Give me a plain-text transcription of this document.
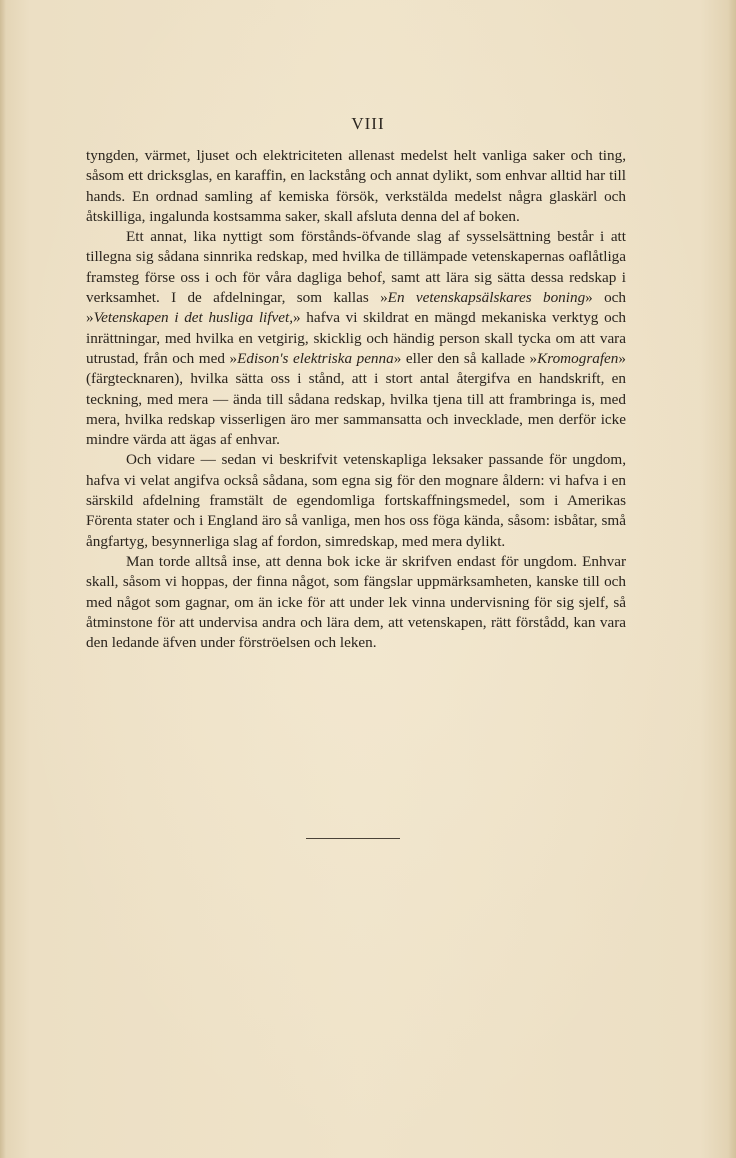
VIII

tyngden, värmet, ljuset och elektriciteten allenast medelst helt vanliga saker och ting, såsom ett dricksglas, en karaffin, en lackstång och annat dylikt, som enhvar alltid har till hands. En ordnad samling af kemiska försök, verkstälda medelst några glaskärl och åtskilliga, ingalunda kostsamma saker, skall afsluta denna del af boken.

Ett annat, lika nyttigt som förstånds-öfvande slag af sysselsättning består i att tillegna sig sådana sinnrika redskap, med hvilka de tillämpade vetenskapernas oaflåtliga framsteg förse oss i och för våra dagliga behof, samt att lära sig sätta dessa redskap i verksamhet. I de afdelningar, som kallas »En vetenskapsälskares boning» och »Vetenskapen i det husliga lifvet,» hafva vi skildrat en mängd mekaniska verktyg och inrättningar, med hvilka en vetgirig, skicklig och händig person skall tycka om att vara utrustad, från och med »Edison's elektriska penna» eller den så kallade »Kromografen» (färgtecknaren), hvilka sätta oss i stånd, att i stort antal återgifva en handskrift, en teckning, med mera — ända till sådana redskap, hvilka tjena till att frambringa is, med mera, hvilka redskap visserligen äro mer sammansatta och invecklade, men derför icke mindre värda att ägas af enhvar.

Och vidare — sedan vi beskrifvit vetenskapliga leksaker passande för ungdom, hafva vi velat angifva också sådana, som egna sig för den mognare åldern: vi hafva i en särskild afdelning framstält de egendomliga fortskaffningsmedel, som i Amerikas Förenta stater och i England äro så vanliga, men hos oss föga kända, såsom: isbåtar, små ångfartyg, besynnerliga slag af fordon, simredskap, med mera dylikt.

Man torde alltså inse, att denna bok icke är skrifven endast för ungdom. Enhvar skall, såsom vi hoppas, der finna något, som fängslar uppmärksamheten, kanske till och med något som gagnar, om än icke för att under lek vinna undervisning för sig sjelf, så åtminstone för att undervisa andra och lära dem, att vetenskapen, rätt förstådd, kan vara den ledande äfven under förströelsen och leken.
